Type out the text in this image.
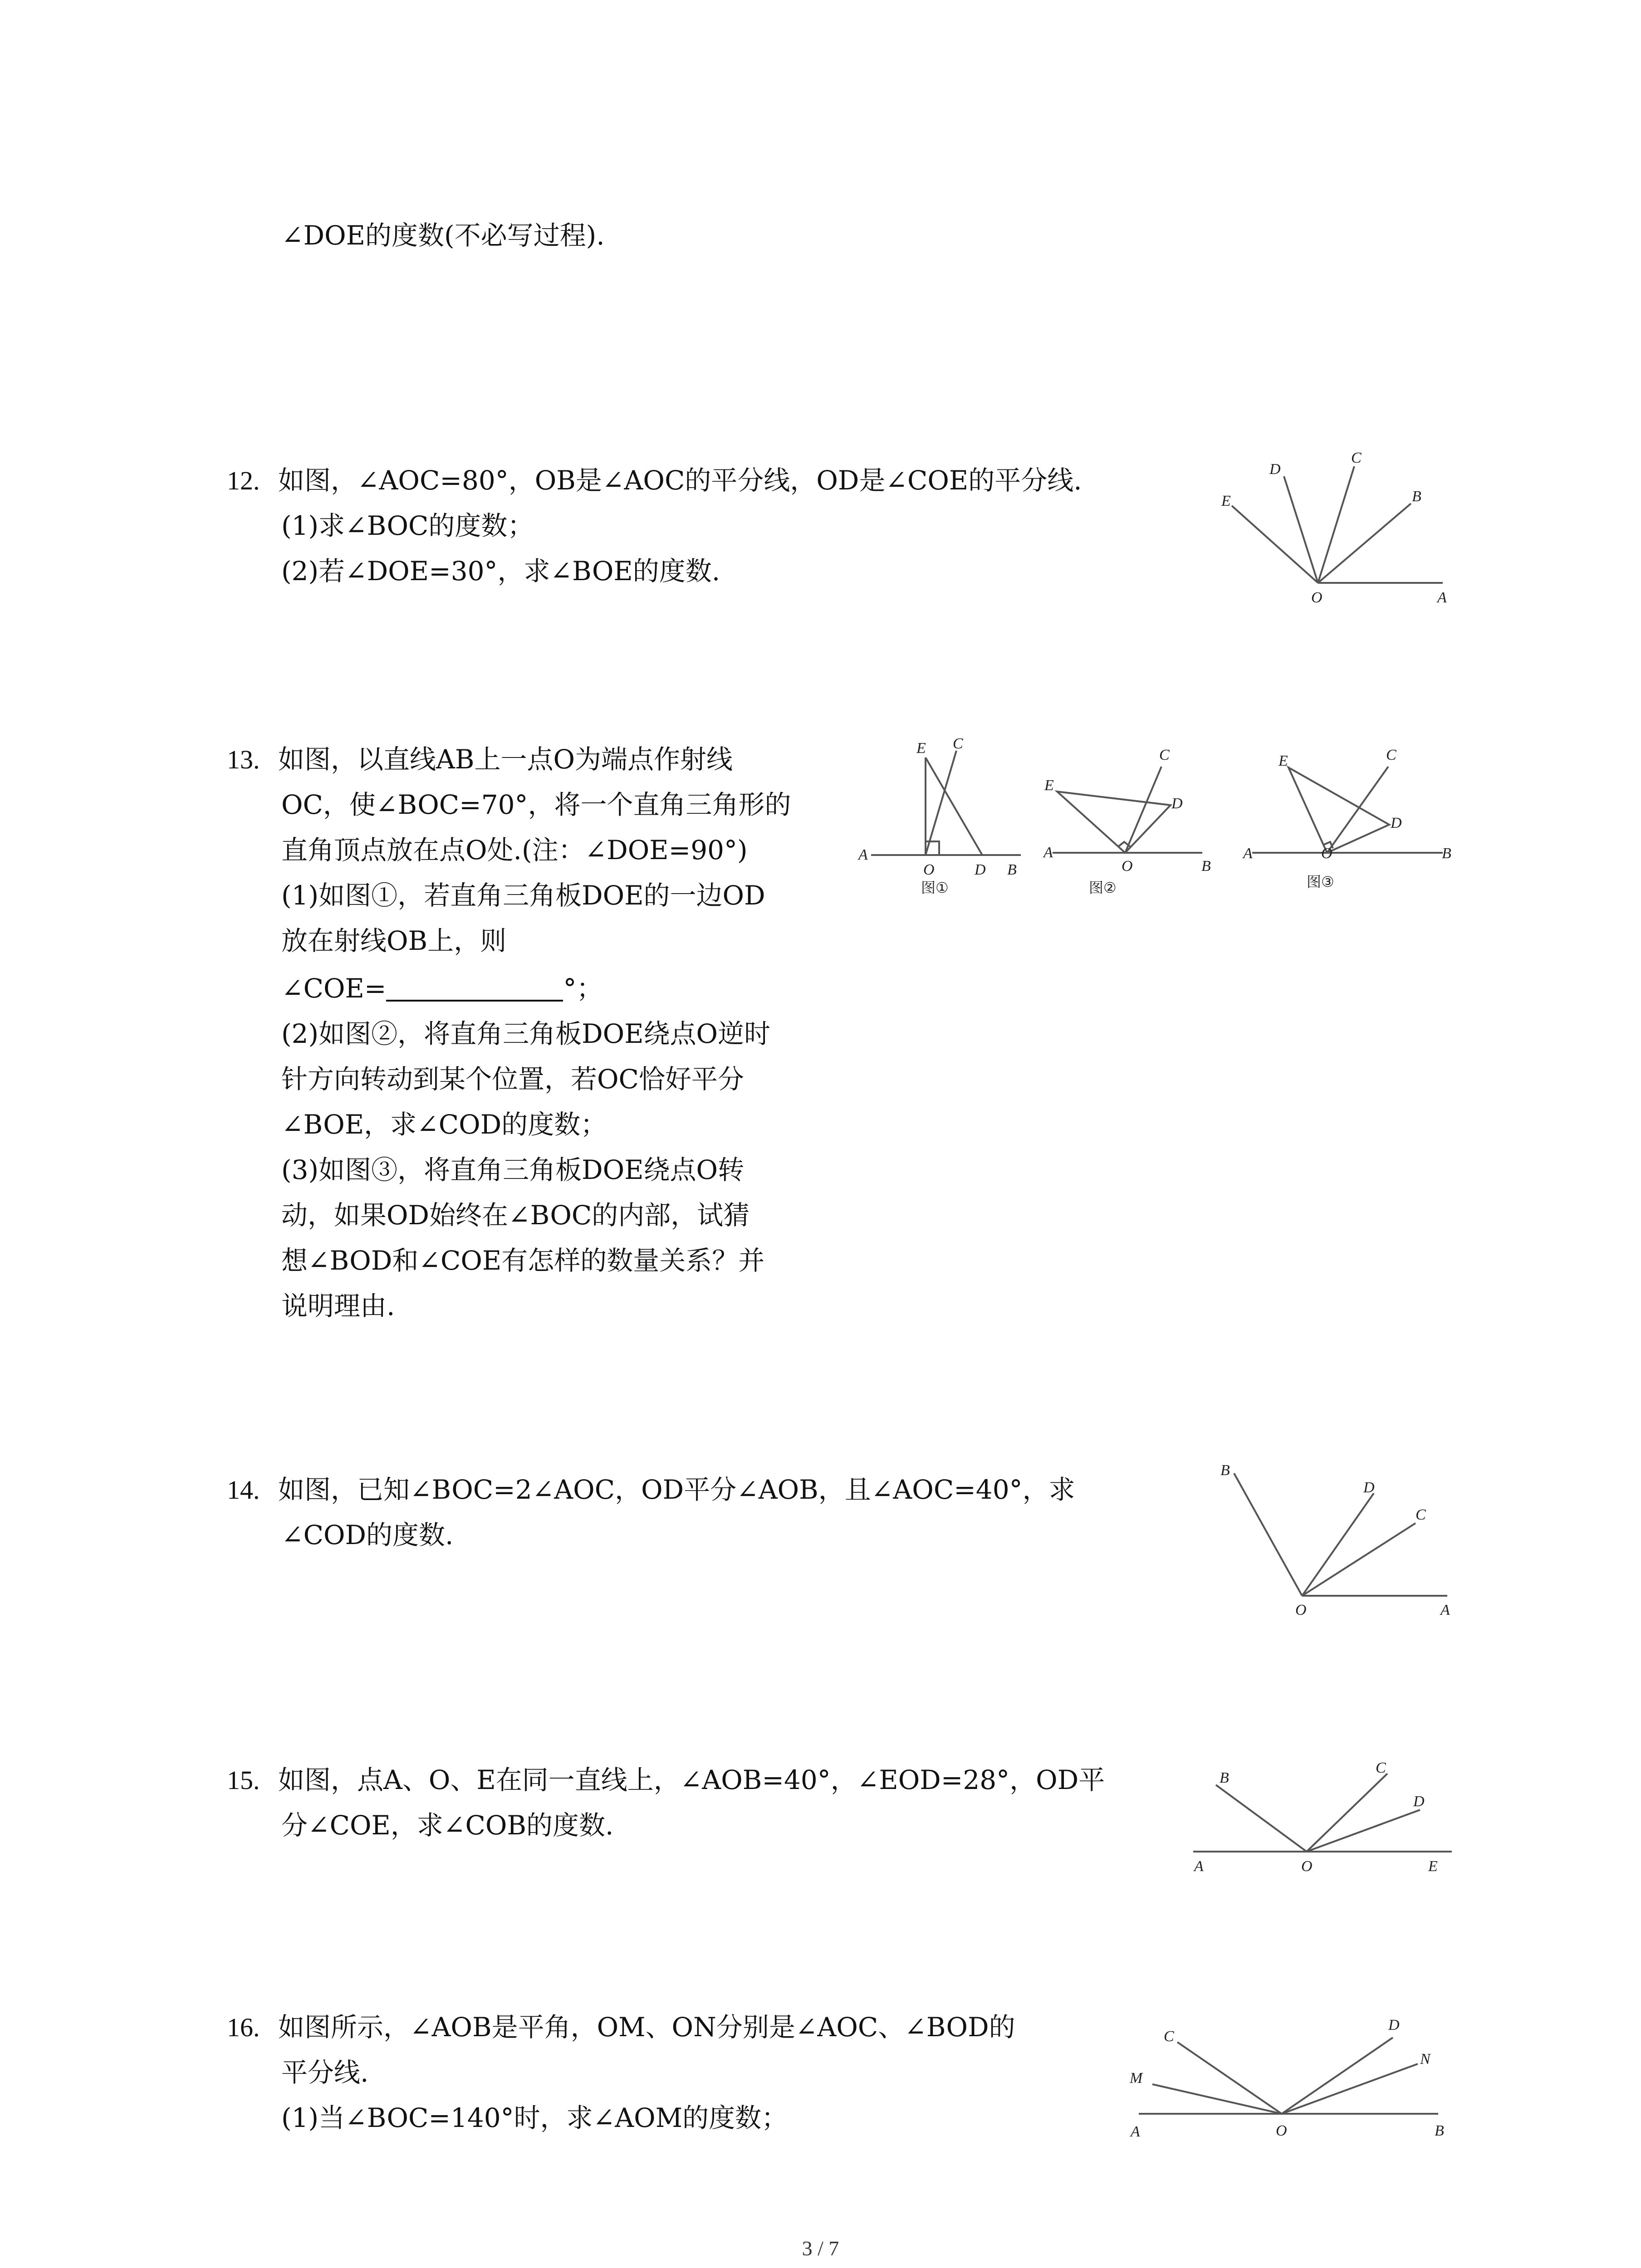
∠DOE的度数(不必写过程).
12. 如图，∠AOC=80°，OB是∠AOC的平分线，OD是∠COE的平分线.
(1)求∠BOC的度数；
(2)若∠DOE=30°，求∠BOE的度数.
E
D
C
B
O	A
13. 如图，以直线AB上一点O为端点作射线
OC，使∠BOC=70°，将一个直角三角形的
直角顶点放在点O处.(注：∠DOE=90°)
(1)如图①，若直角三角板DOE的一边OD
放在射线OB上，则
∠COE=	°；
(2)如图②，将直角三角板DOE绕点O逆时
针方向转动到某个位置，若OC恰好平分
∠BOE，求∠COD的度数；
(3)如图③，将直角三角板DOE绕点O转
动，如果OD始终在∠BOC的内部，试猜
想∠BOD和∠COE有怎样的数量关系？并
说明理由.
E C
A
O	D B
图①
E
C
D
A
O	B
图②
E	C
D
A	O	B
图③
14. 如图，已知∠BOC=2∠AOC，OD平分∠AOB，且∠AOC=40°，求
∠COD的度数.
B
D
C
O	A
15. 如图，点A、O、E在同一直线上，∠AOB=40°，∠EOD=28°，OD平
分∠COE，求∠COB的度数.
B
C
D
A	O	E
16. 如图所示，∠AOB是平角，OM、ON分别是∠AOC、∠BOD的
平分线.
(1)当∠BOC=140°时，求∠AOM的度数；
C
M
D
N
A	O	B
3 / 7
